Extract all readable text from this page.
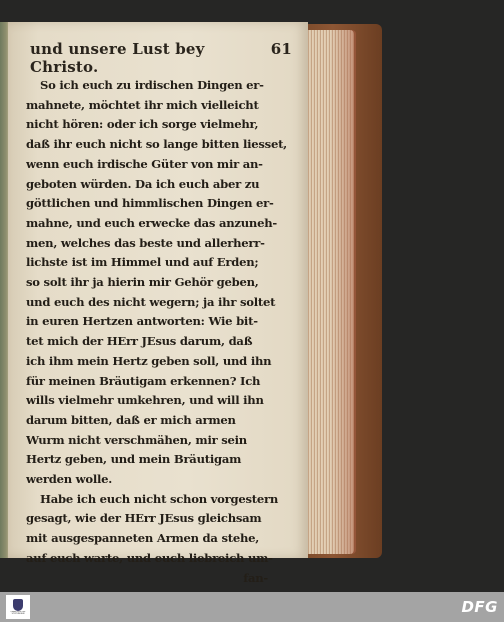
und unsere Lust bey Christo.
61
So ich euch zu irdischen Dingen er-
mahnete, möchtet ihr mich vielleicht
nicht hören: oder ich sorge vielmehr,
daß ihr euch nicht so lange bitten liesset,
wenn euch irdische Güter von mir an-
geboten würden. Da ich euch aber zu
göttlichen und himmlischen Dingen er-
mahne, und euch erwecke das anzuneh-
men, welches das beste und allerherr-
lichste ist im Himmel und auf Erden;
so solt ihr ja hierin mir Gehör geben,
und euch des nicht wegern; ja ihr soltet
in euren Hertzen antworten: Wie bit-
tet mich der HErr JEsus darum, daß
ich ihm mein Hertz geben soll, und ihn
für meinen Bräutigam erkennen? Ich
wills vielmehr umkehren, und will ihn
darum bitten, daß er mich armen
Wurm nicht verschmähen, mir sein
Hertz geben, und mein Bräutigam
werden wolle.
Habe ich euch nicht schon vorgestern
gesagt, wie der HErr JEsus gleichsam
mit ausgespanneten Armen da stehe,
auf euch warte, und euch liebreich um-
fan-
FRANCKESCHE STIFTUNGEN	DFG
